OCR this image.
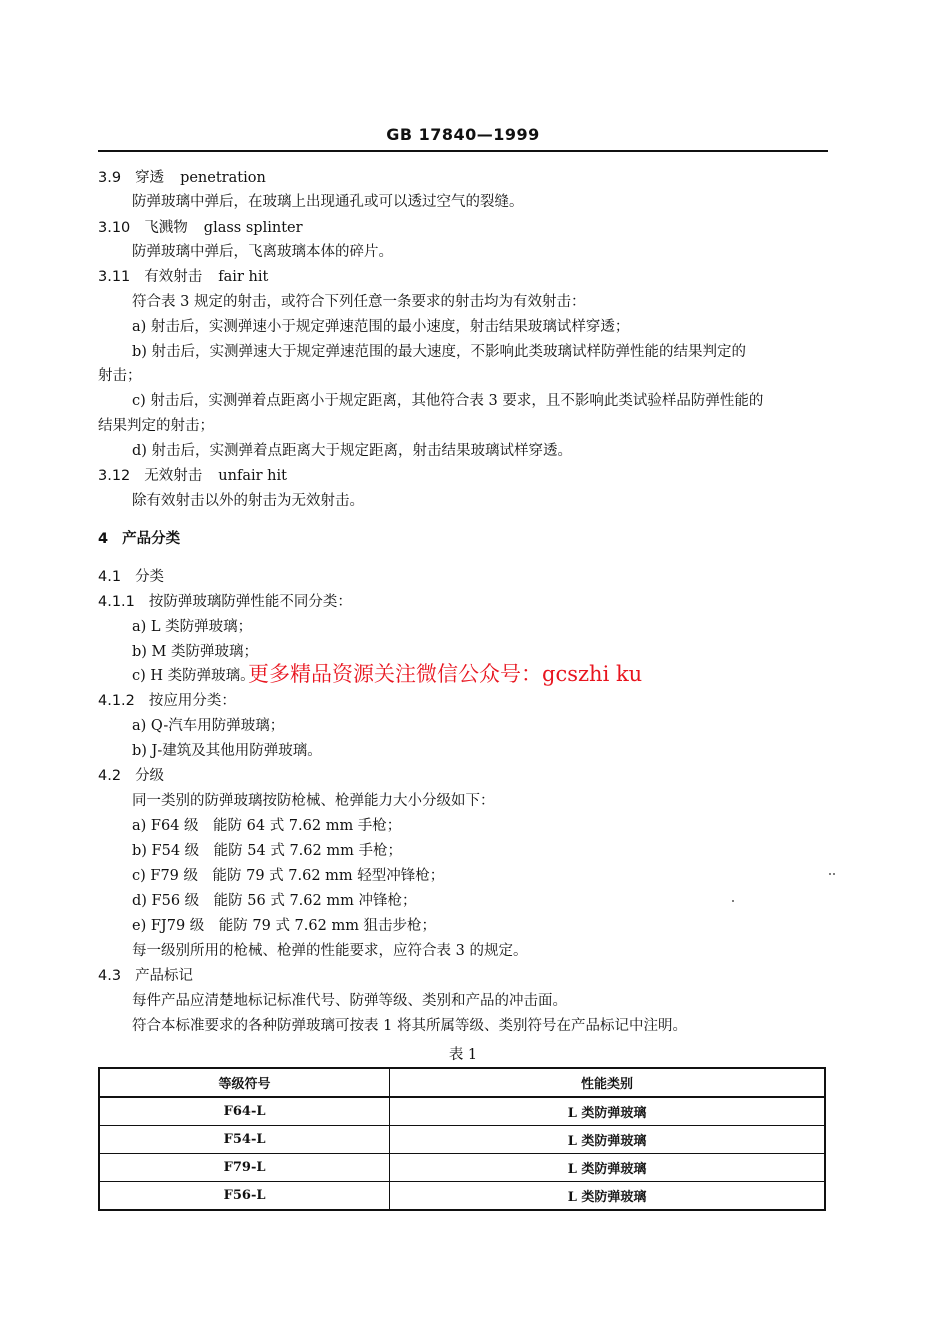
GB 17840—1999
3.9 穿透 penetration
防弹玻璃中弹后，在玻璃上出现通孔或可以透过空气的裂缝。
3.10 飞溅物 glass splinter
防弹玻璃中弹后，飞离玻璃本体的碎片。
3.11 有效射击 fair hit
符合表 3 规定的射击，或符合下列任意一条要求的射击均为有效射击：
a) 射击后，实测弹速小于规定弹速范围的最小速度，射击结果玻璃试样穿透；
b) 射击后，实测弹速大于规定弹速范围的最大速度，不影响此类玻璃试样防弹性能的结果判定的
射击；
c) 射击后，实测弹着点距离小于规定距离，其他符合表 3 要求，且不影响此类试验样品防弹性能的
结果判定的射击；
d) 射击后，实测弹着点距离大于规定距离，射击结果玻璃试样穿透。
3.12 无效射击 unfair hit
除有效射击以外的射击为无效射击。
4 产品分类
4.1 分类
4.1.1 按防弹玻璃防弹性能不同分类：
a) L 类防弹玻璃；
b) M 类防弹玻璃；
c) H 类防弹玻璃。
更多精品资源关注微信公众号：gcszhi ku
4.1.2 按应用分类：
a) Q-汽车用防弹玻璃；
b) J-建筑及其他用防弹玻璃。
4.2 分级
同一类别的防弹玻璃按防枪械、枪弹能力大小分级如下：
a) F64 级　能防 64 式 7.62 mm 手枪；
b) F54 级　能防 54 式 7.62 mm 手枪；
c) F79 级　能防 79 式 7.62 mm 轻型冲锋枪；
d) F56 级　能防 56 式 7.62 mm 冲锋枪；
e) FJ79 级　能防 79 式 7.62 mm 狙击步枪；
每一级别所用的枪械、枪弹的性能要求，应符合表 3 的规定。
4.3 产品标记
每件产品应清楚地标记标准代号、防弹等级、类别和产品的冲击面。
符合本标准要求的各种防弹玻璃可按表 1 将其所属等级、类别符号在产品标记中注明。
表 1
等级符号	性能类别
F64-L	L 类防弹玻璃
F54-L	L 类防弹玻璃
F79-L	L 类防弹玻璃
F56-L	L 类防弹玻璃
